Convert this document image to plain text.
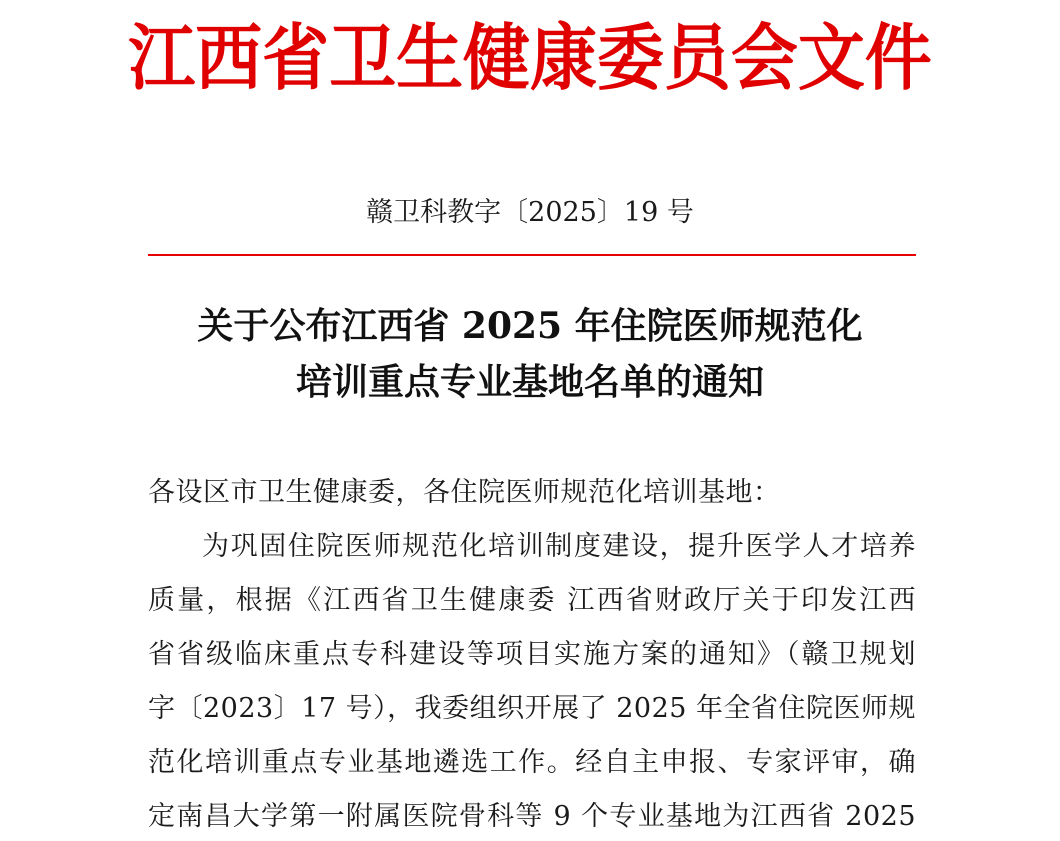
江西省卫生健康委员会文件
赣卫科教字〔2025〕19 号
关于公布江西省 2025 年住院医师规范化
培训重点专业基地名单的通知
各设区市卫生健康委，各住院医师规范化培训基地：
为巩固住院医师规范化培训制度建设，提升医学人才培养
质量，根据《江西省卫生健康委 江西省财政厅关于印发江西
省省级临床重点专科建设等项目实施方案的通知》（赣卫规划
字〔2023〕17 号），我委组织开展了 2025 年全省住院医师规
范化培训重点专业基地遴选工作。经自主申报、专家评审，确
定南昌大学第一附属医院骨科等 9 个专业基地为江西省 2025
